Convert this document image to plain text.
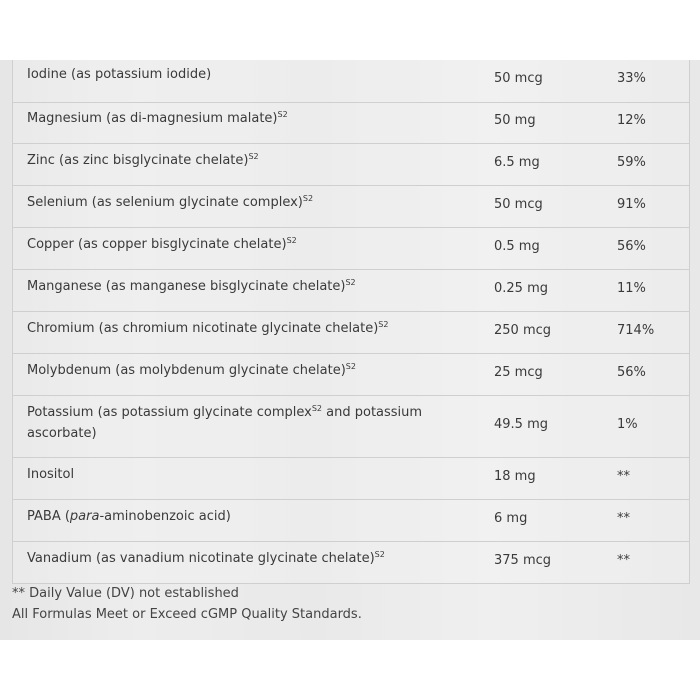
Iodine (as potassium iodide)	50 mcg	33%
Magnesium (as di-magnesium malate)$^{S2}$	50 mg	12%
Zinc (as zinc bisglycinate chelate)$^{S2}$	6.5 mg	59%
Selenium (as selenium glycinate complex)$^{S2}$	50 mcg	91%
Copper (as copper bisglycinate chelate)$^{S2}$	0.5 mg	56%
Manganese (as manganese bisglycinate chelate)$^{S2}$	0.25 mg	11%
Chromium (as chromium nicotinate glycinate chelate)$^{S2}$	250 mcg	714%
Molybdenum (as molybdenum glycinate chelate)$^{S2}$	25 mcg	56%
Potassium (as potassium glycinate complex$^{S2}$ and potassium
ascorbate)
49.5 mg	1%
Inositol	18 mg	**
PABA (para-aminobenzoic acid)	6 mg	**
Vanadium (as vanadium nicotinate glycinate chelate)$^{S2}$	375 mcg	**
** Daily Value (DV) not established
All Formulas Meet or Exceed cGMP Quality Standards.
